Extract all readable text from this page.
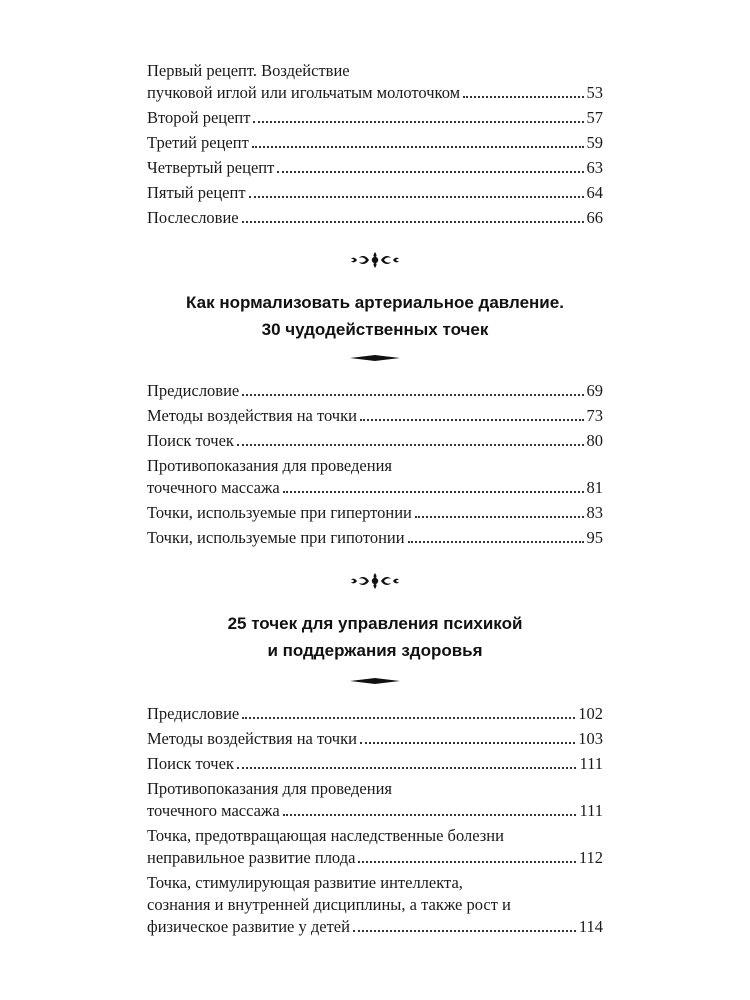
Первый рецепт. Воздействие
пучковой иглой или игольчатым молоточком	53
Второй рецепт	57
Третий рецепт	59
Четвертый рецепт	63
Пятый рецепт	64
Послесловие	66
Как нормализовать артериальное давление.
30 чудодейственных точек
Предисловие	69
Методы воздействия на точки	73
Поиск точек	80
Противопоказания для проведения
точечного массажа	81
Точки, используемые при гипертонии	83
Точки, используемые при гипотонии	95
25 точек для управления психикой
и поддержания здоровья
Предисловие	102
Методы воздействия на точки	103
Поиск точек	111
Противопоказания для проведения
точечного массажа	111
Точка, предотвращающая наследственные болезни
неправильное развитие плода	112
Точка, стимулирующая развитие интеллекта,
сознания и внутренней дисциплины, а также рост и
физическое развитие у детей	114
